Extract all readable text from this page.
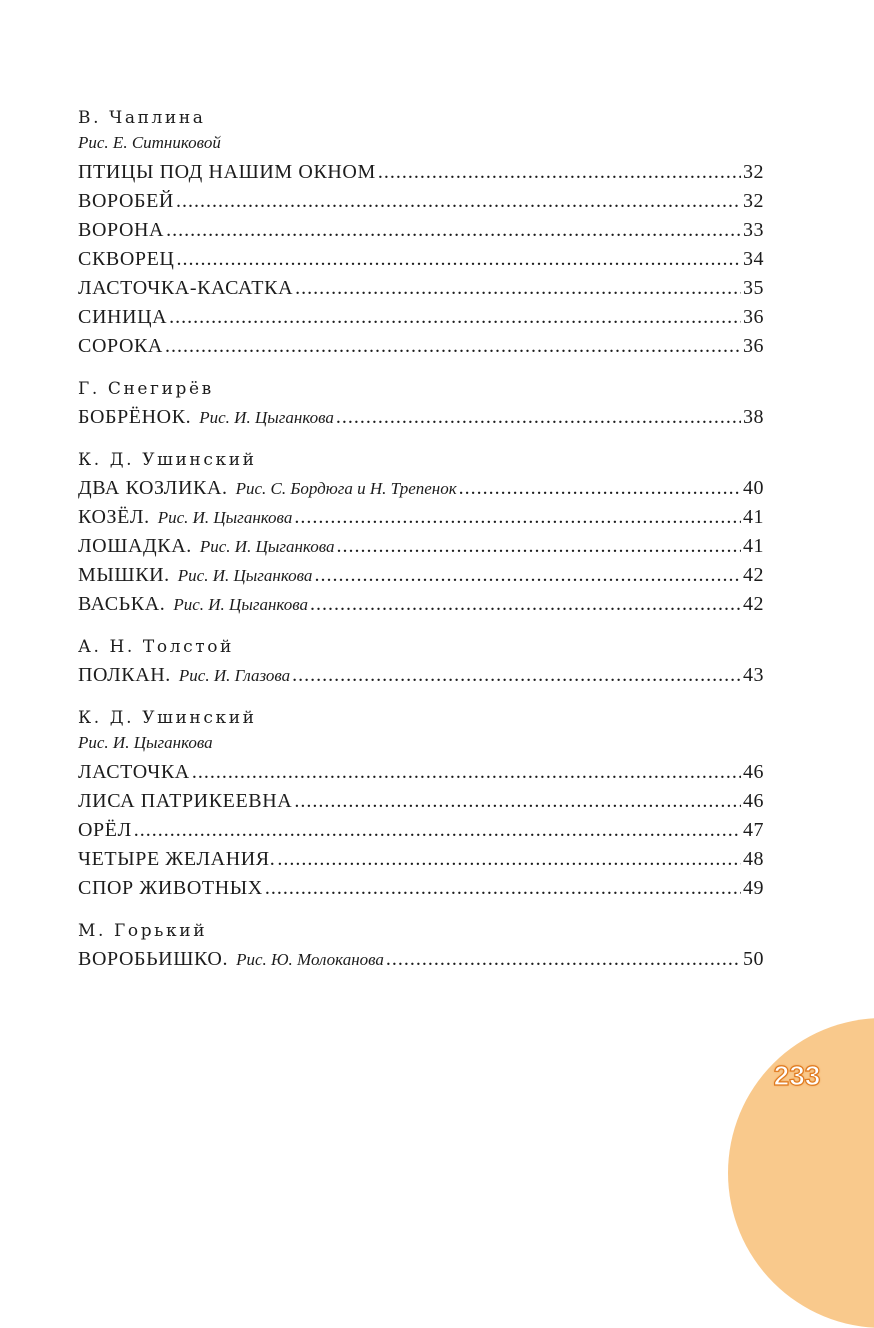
В. Чаплина
Рис. Е. Ситниковой
ПТИЦЫ ПОД НАШИМ ОКНОМ .....	32
ВОРОБЕЙ .....	32
ВОРОНА .....	33
СКВОРЕЦ .....	34
ЛАСТОЧКА-КАСАТКА .....	35
СИНИЦА .....	36
СОРОКА .....	36
Г. Снегирёв
БОБРЁНОК. Рис. И. Цыганкова .....	38
К. Д. Ушинский
ДВА КОЗЛИКА. Рис. С. Бордюга и Н. Трепенок .....	40
КОЗЁЛ. Рис. И. Цыганкова .....	41
ЛОШАДКА. Рис. И. Цыганкова .....	41
МЫШКИ. Рис. И. Цыганкова .....	42
ВАСЬКА. Рис. И. Цыганкова .....	42
А. Н. Толстой
ПОЛКАН. Рис. И. Глазова .....	43
К. Д. Ушинский
Рис. И. Цыганкова
ЛАСТОЧКА .....	46
ЛИСА ПАТРИКЕЕВНА .....	46
ОРЁЛ .....	47
ЧЕТЫРЕ ЖЕЛАНИЯ. .....	48
СПОР ЖИВОТНЫХ .....	49
М. Горький
ВОРОБЬИШКО. Рис. Ю. Молоканова .....	50
233
